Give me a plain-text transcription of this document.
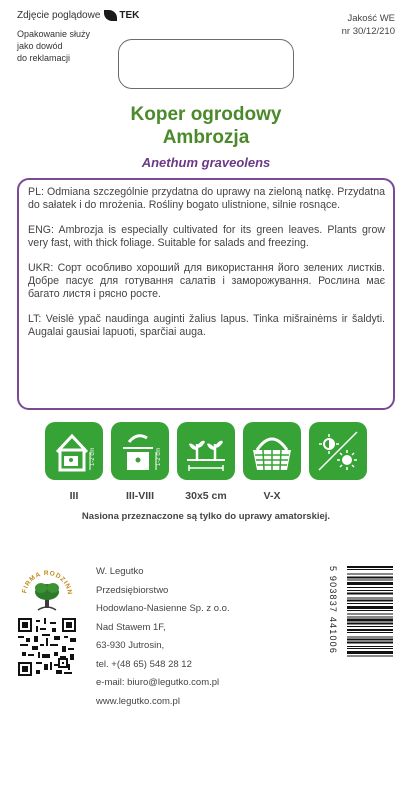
Zdjęcie poglądowe TEK
Opakowanie służy
jako dowód
do reklamacji
Jakość WE
nr 30/12/210
Koper ogrodowy
Ambrozja
Anethum graveolens

PL: Odmiana szczególnie przydatna do uprawy na zieloną natkę. Przydatna do sałatek i do mrożenia. Rośliny bogato ulistnione, silnie rosnące.

ENG: Ambrozja is especially cultivated for its green leaves. Plants grow very fast, with thick foliage. Suitable for salads and freezing.

UKR: Сорт особливо хороший для використання його зелених листків. Добре пасує для готування салатів і заморожування. Рослина має багато листя і рясно росте.

LT: Veislė ypač naudinga auginti žalius lapus. Tinka mišrainėms ir šaldyti. Augalai gausiai lapuoti, sparčiai auga.

1-2 cm
III
1-2 cm
III-VIII	30x5 cm	V-X
Nasiona przeznaczone są tylko do uprawy amatorskiej.
FIRMA RODZINN
W. Legutko
Przedsiębiorstwo
Hodowlano-Nasienne Sp. z o.o.
Nad Stawem 1F,
63-930 Jutrosin,
tel. +(48 65) 548 28 12
e-mail: biuro@legutko.com.pl
www.legutko.com.pl
5 903837 441006
